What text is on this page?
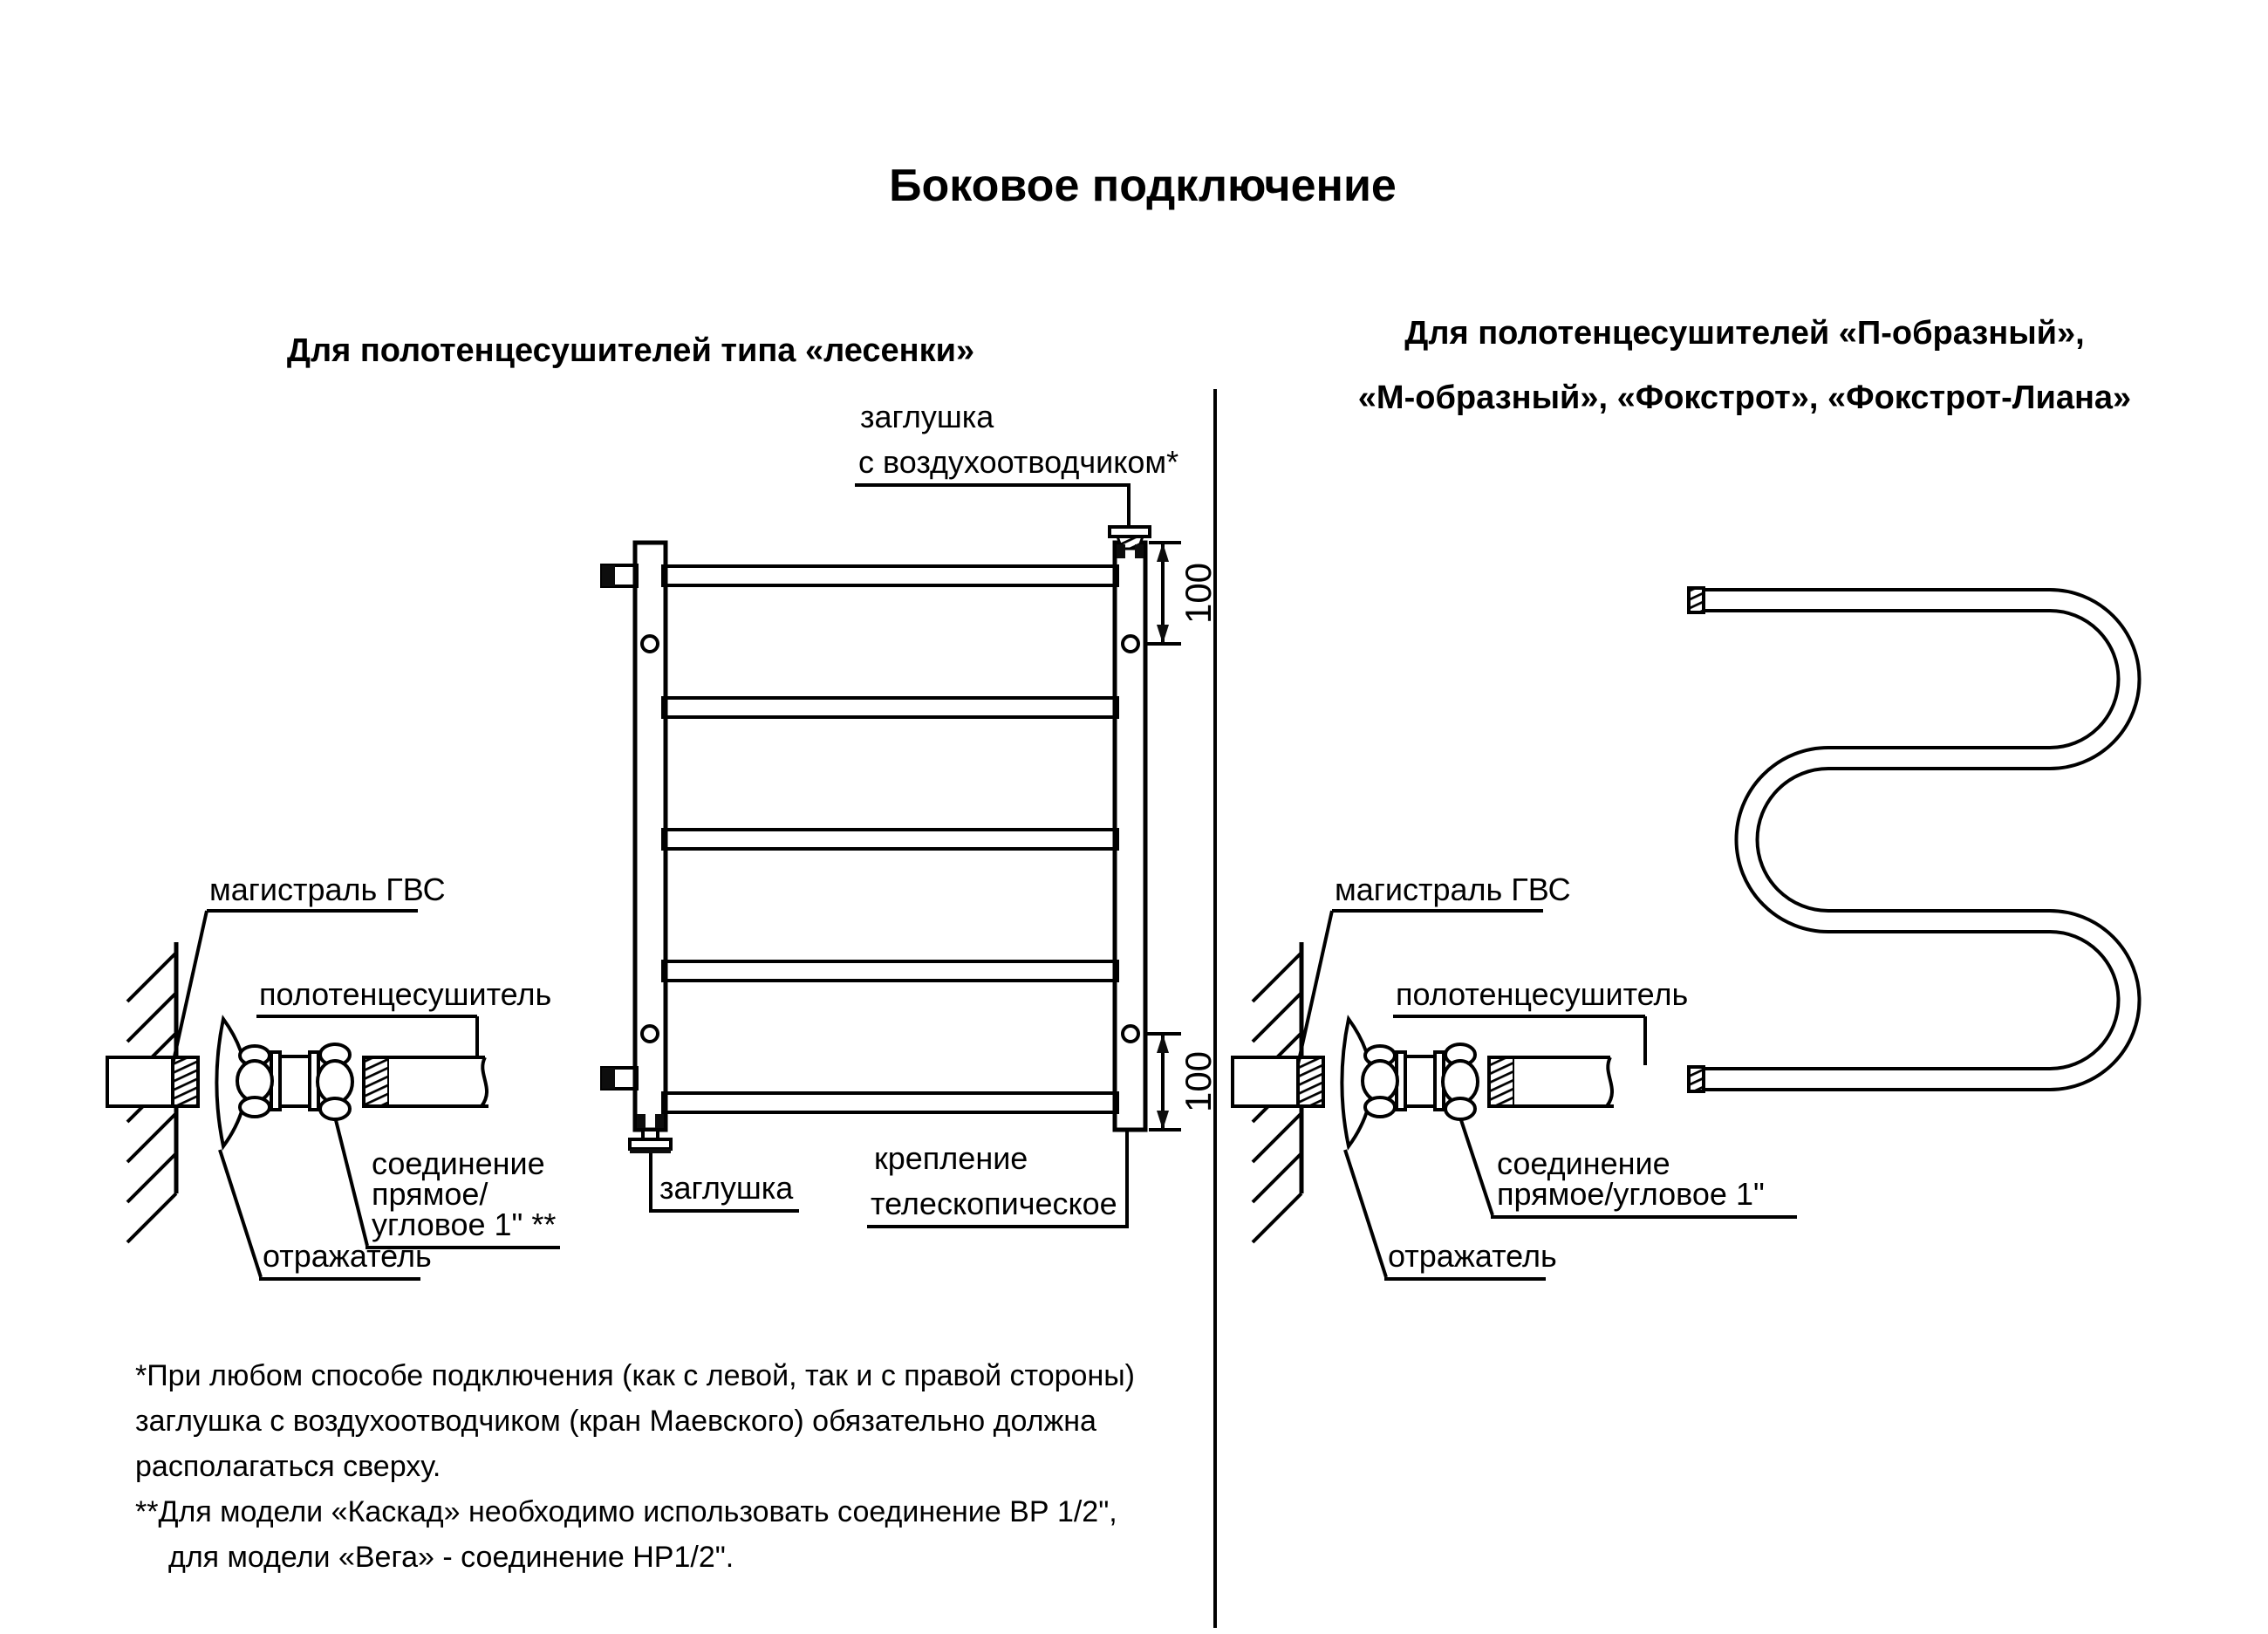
Боковое подключение
Для полотенцесушителей типа «лесенки»	Для полотенцесушителей «П-образный»,
«М-образный», «Фокстрот», «Фокстрот-Лиана»
100
100
заглушка
с воздухоотводчиком*
заглушка
крепление
телескопическое
магистраль ГВС
полотенцесушитель
соединение
прямое/
угловое 1" **
отражатель
магистраль ГВС
полотенцесушитель
соединение
прямое/угловое 1"
отражатель
*При любом способе подключения (как с левой, так и с правой стороны)
заглушка с воздухоотводчиком (кран Маевского) обязательно должна
располагаться сверху.
**Для модели «Каскад» необходимо использовать соединение ВР 1/2",
для модели «Вега» - соединение НР1/2".
